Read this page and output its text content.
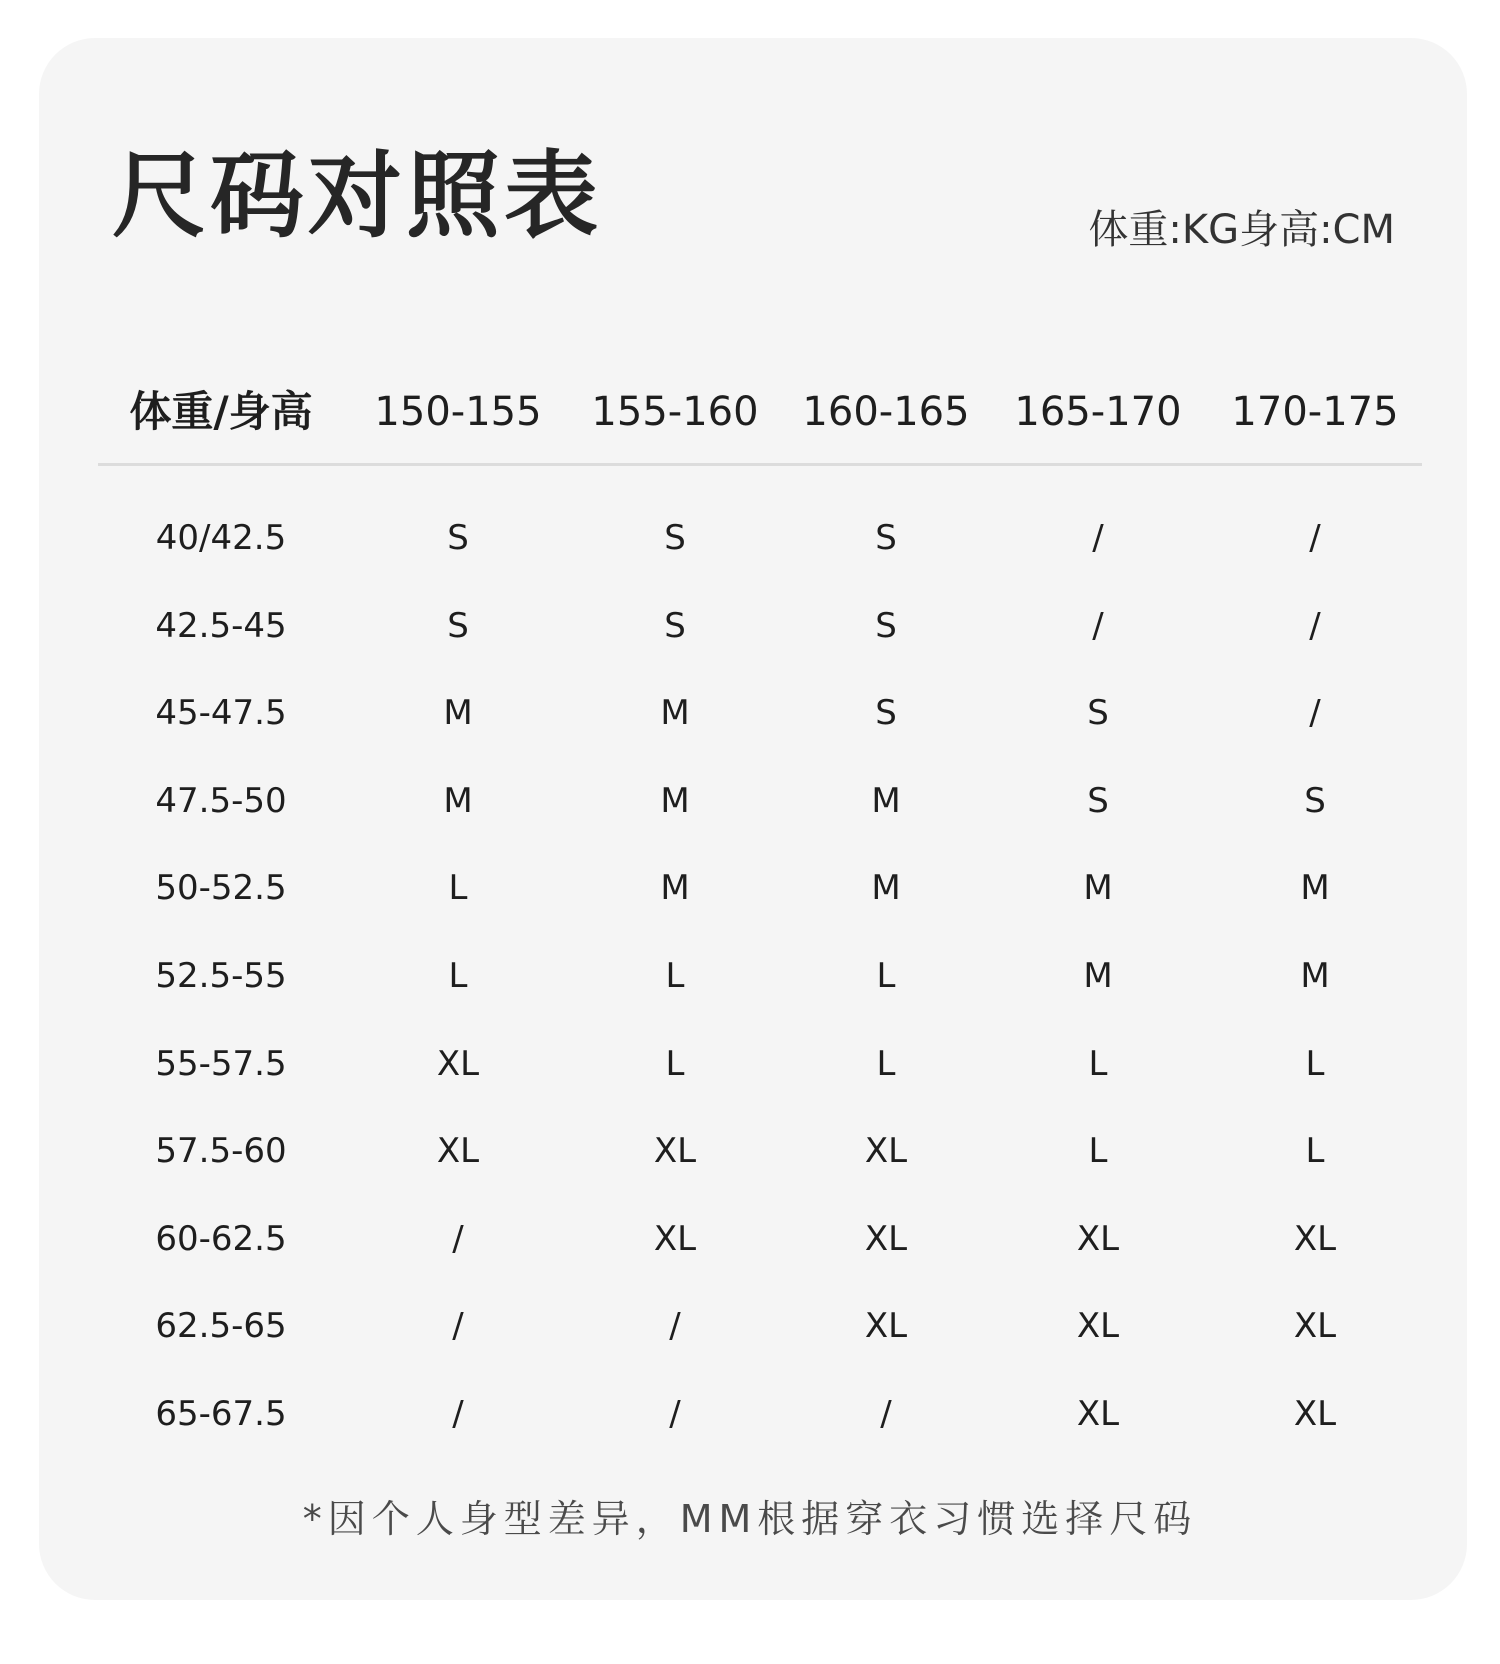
尺码对照表	体重:KG身高:CM
体重/身高 150-155 155-160 160-165 165-170 170-175
40/42.5	S	S	S	/	/
42.5-45	S	S	S	/	/
45-47.5	M	M	S	S	/
47.5-50	M	M	M	S	S
50-52.5	L	M	M	M	M
52.5-55	L	L	L	M	M
55-57.5	XL	L	L	L	L
57.5-60	XL	XL	XL	L	L
60-62.5	/	XL	XL	XL	XL
62.5-65	/	/	XL	XL	XL
65-67.5	/	/	/	XL	XL
*因个人身型差异，MM根据穿衣习惯选择尺码
